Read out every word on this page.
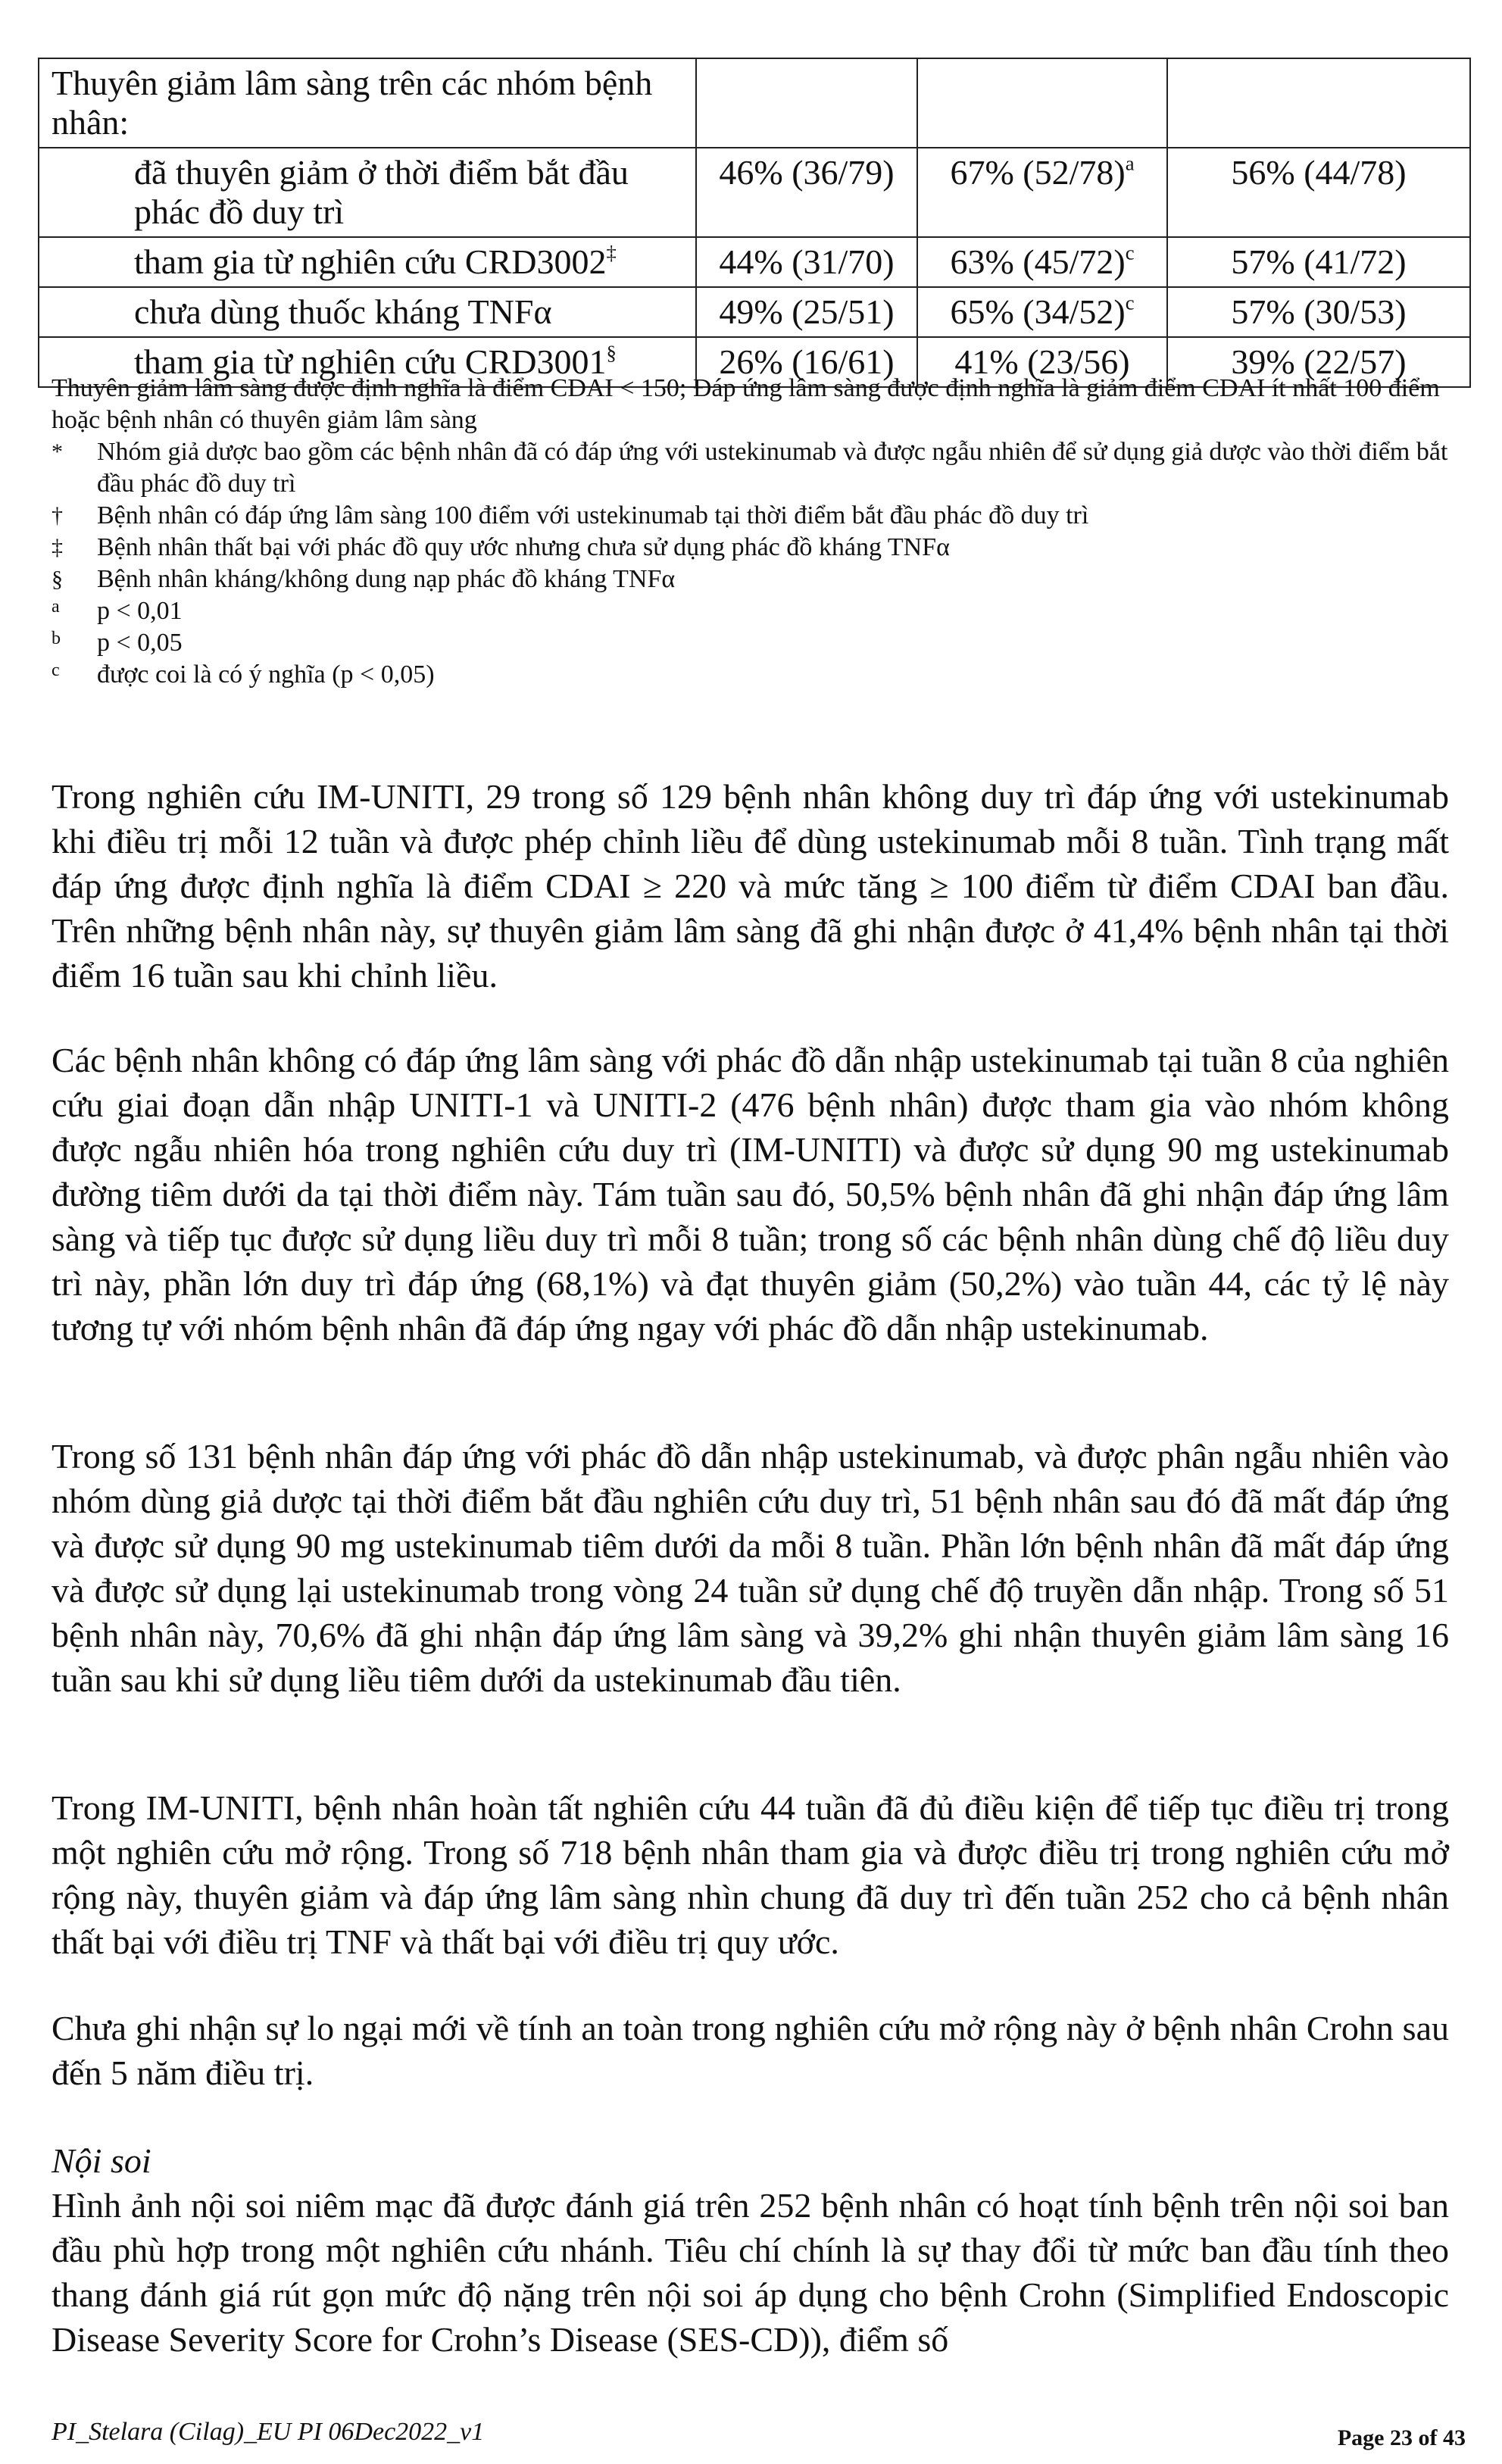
Thuyên giảm lâm sàng trên các nhóm bệnh nhân:			
đã thuyên giảm ở thời điểm bắt đầu phác đồ duy trì	46% (36/79)	67% $(52/78)^a$	56% (44/78)
tham gia từ nghiên cứu CRD3002‡	44% (31/70)	63% $(45/72)^c$	57% (41/72)
chưa dùng thuốc kháng TNFα	49% (25/51)	65% $(34/52)^c$	57% (30/53)
tham gia từ nghiên cứu CRD3001§	26% (16/61)	41% (23/56)	39% (22/57)

Thuyên giảm lâm sàng được định nghĩa là điểm CDAI < 150; Đáp ứng lâm sàng được định nghĩa là giảm điểm CDAI ít nhất 100 điểm hoặc bệnh nhân có thuyên giảm lâm sàng

*	Nhóm giả dược bao gồm các bệnh nhân đã có đáp ứng với ustekinumab và được ngẫu nhiên để sử dụng giả dược vào thời điểm bắt đầu phác đồ duy trì

†	Bệnh nhân có đáp ứng lâm sàng 100 điểm với ustekinumab tại thời điểm bắt đầu phác đồ duy trì

‡	Bệnh nhân thất bại với phác đồ quy ước nhưng chưa sử dụng phác đồ kháng TNFα

§	Bệnh nhân kháng/không dung nạp phác đồ kháng TNFα

a	p < 0,01

b	p < 0,05

c	được coi là có ý nghĩa (p < 0,05)

Trong nghiên cứu IM-UNITI, 29 trong số 129 bệnh nhân không duy trì đáp ứng với ustekinumab khi điều trị mỗi 12 tuần và được phép chỉnh liều để dùng ustekinumab mỗi 8 tuần. Tình trạng mất đáp ứng được định nghĩa là điểm CDAI ≥ 220 và mức tăng ≥ 100 điểm từ điểm CDAI ban đầu. Trên những bệnh nhân này, sự thuyên giảm lâm sàng đã ghi nhận được ở 41,4% bệnh nhân tại thời điểm 16 tuần sau khi chỉnh liều.

Các bệnh nhân không có đáp ứng lâm sàng với phác đồ dẫn nhập ustekinumab tại tuần 8 của nghiên cứu giai đoạn dẫn nhập UNITI-1 và UNITI-2 (476 bệnh nhân) được tham gia vào nhóm không được ngẫu nhiên hóa trong nghiên cứu duy trì (IM-UNITI) và được sử dụng 90 mg ustekinumab đường tiêm dưới da tại thời điểm này. Tám tuần sau đó, 50,5% bệnh nhân đã ghi nhận đáp ứng lâm sàng và tiếp tục được sử dụng liều duy trì mỗi 8 tuần; trong số các bệnh nhân dùng chế độ liều duy trì này, phần lớn duy trì đáp ứng (68,1%) và đạt thuyên giảm (50,2%) vào tuần 44, các tỷ lệ này tương tự với nhóm bệnh nhân đã đáp ứng ngay với phác đồ dẫn nhập ustekinumab.

Trong số 131 bệnh nhân đáp ứng với phác đồ dẫn nhập ustekinumab, và được phân ngẫu nhiên vào nhóm dùng giả dược tại thời điểm bắt đầu nghiên cứu duy trì, 51 bệnh nhân sau đó đã mất đáp ứng và được sử dụng 90 mg ustekinumab tiêm dưới da mỗi 8 tuần. Phần lớn bệnh nhân đã mất đáp ứng và được sử dụng lại ustekinumab trong vòng 24 tuần sử dụng chế độ truyền dẫn nhập. Trong số 51 bệnh nhân này, 70,6% đã ghi nhận đáp ứng lâm sàng và 39,2% ghi nhận thuyên giảm lâm sàng 16 tuần sau khi sử dụng liều tiêm dưới da ustekinumab đầu tiên.

Trong IM-UNITI, bệnh nhân hoàn tất nghiên cứu 44 tuần đã đủ điều kiện để tiếp tục điều trị trong một nghiên cứu mở rộng. Trong số 718 bệnh nhân tham gia và được điều trị trong nghiên cứu mở rộng này, thuyên giảm và đáp ứng lâm sàng nhìn chung đã duy trì đến tuần 252 cho cả bệnh nhân thất bại với điều trị TNF và thất bại với điều trị quy ước.

Chưa ghi nhận sự lo ngại mới về tính an toàn trong nghiên cứu mở rộng này ở bệnh nhân Crohn sau đến 5 năm điều trị.

Nội soi

Hình ảnh nội soi niêm mạc đã được đánh giá trên 252 bệnh nhân có hoạt tính bệnh trên nội soi ban đầu phù hợp trong một nghiên cứu nhánh. Tiêu chí chính là sự thay đổi từ mức ban đầu tính theo thang đánh giá rút gọn mức độ nặng trên nội soi áp dụng cho bệnh Crohn (Simplified Endoscopic Disease Severity Score for Crohn’s Disease (SES-CD)), điểm số

PI_Stelara (Cilag)_EU PI 06Dec2022_v1	Page 23 of 43
